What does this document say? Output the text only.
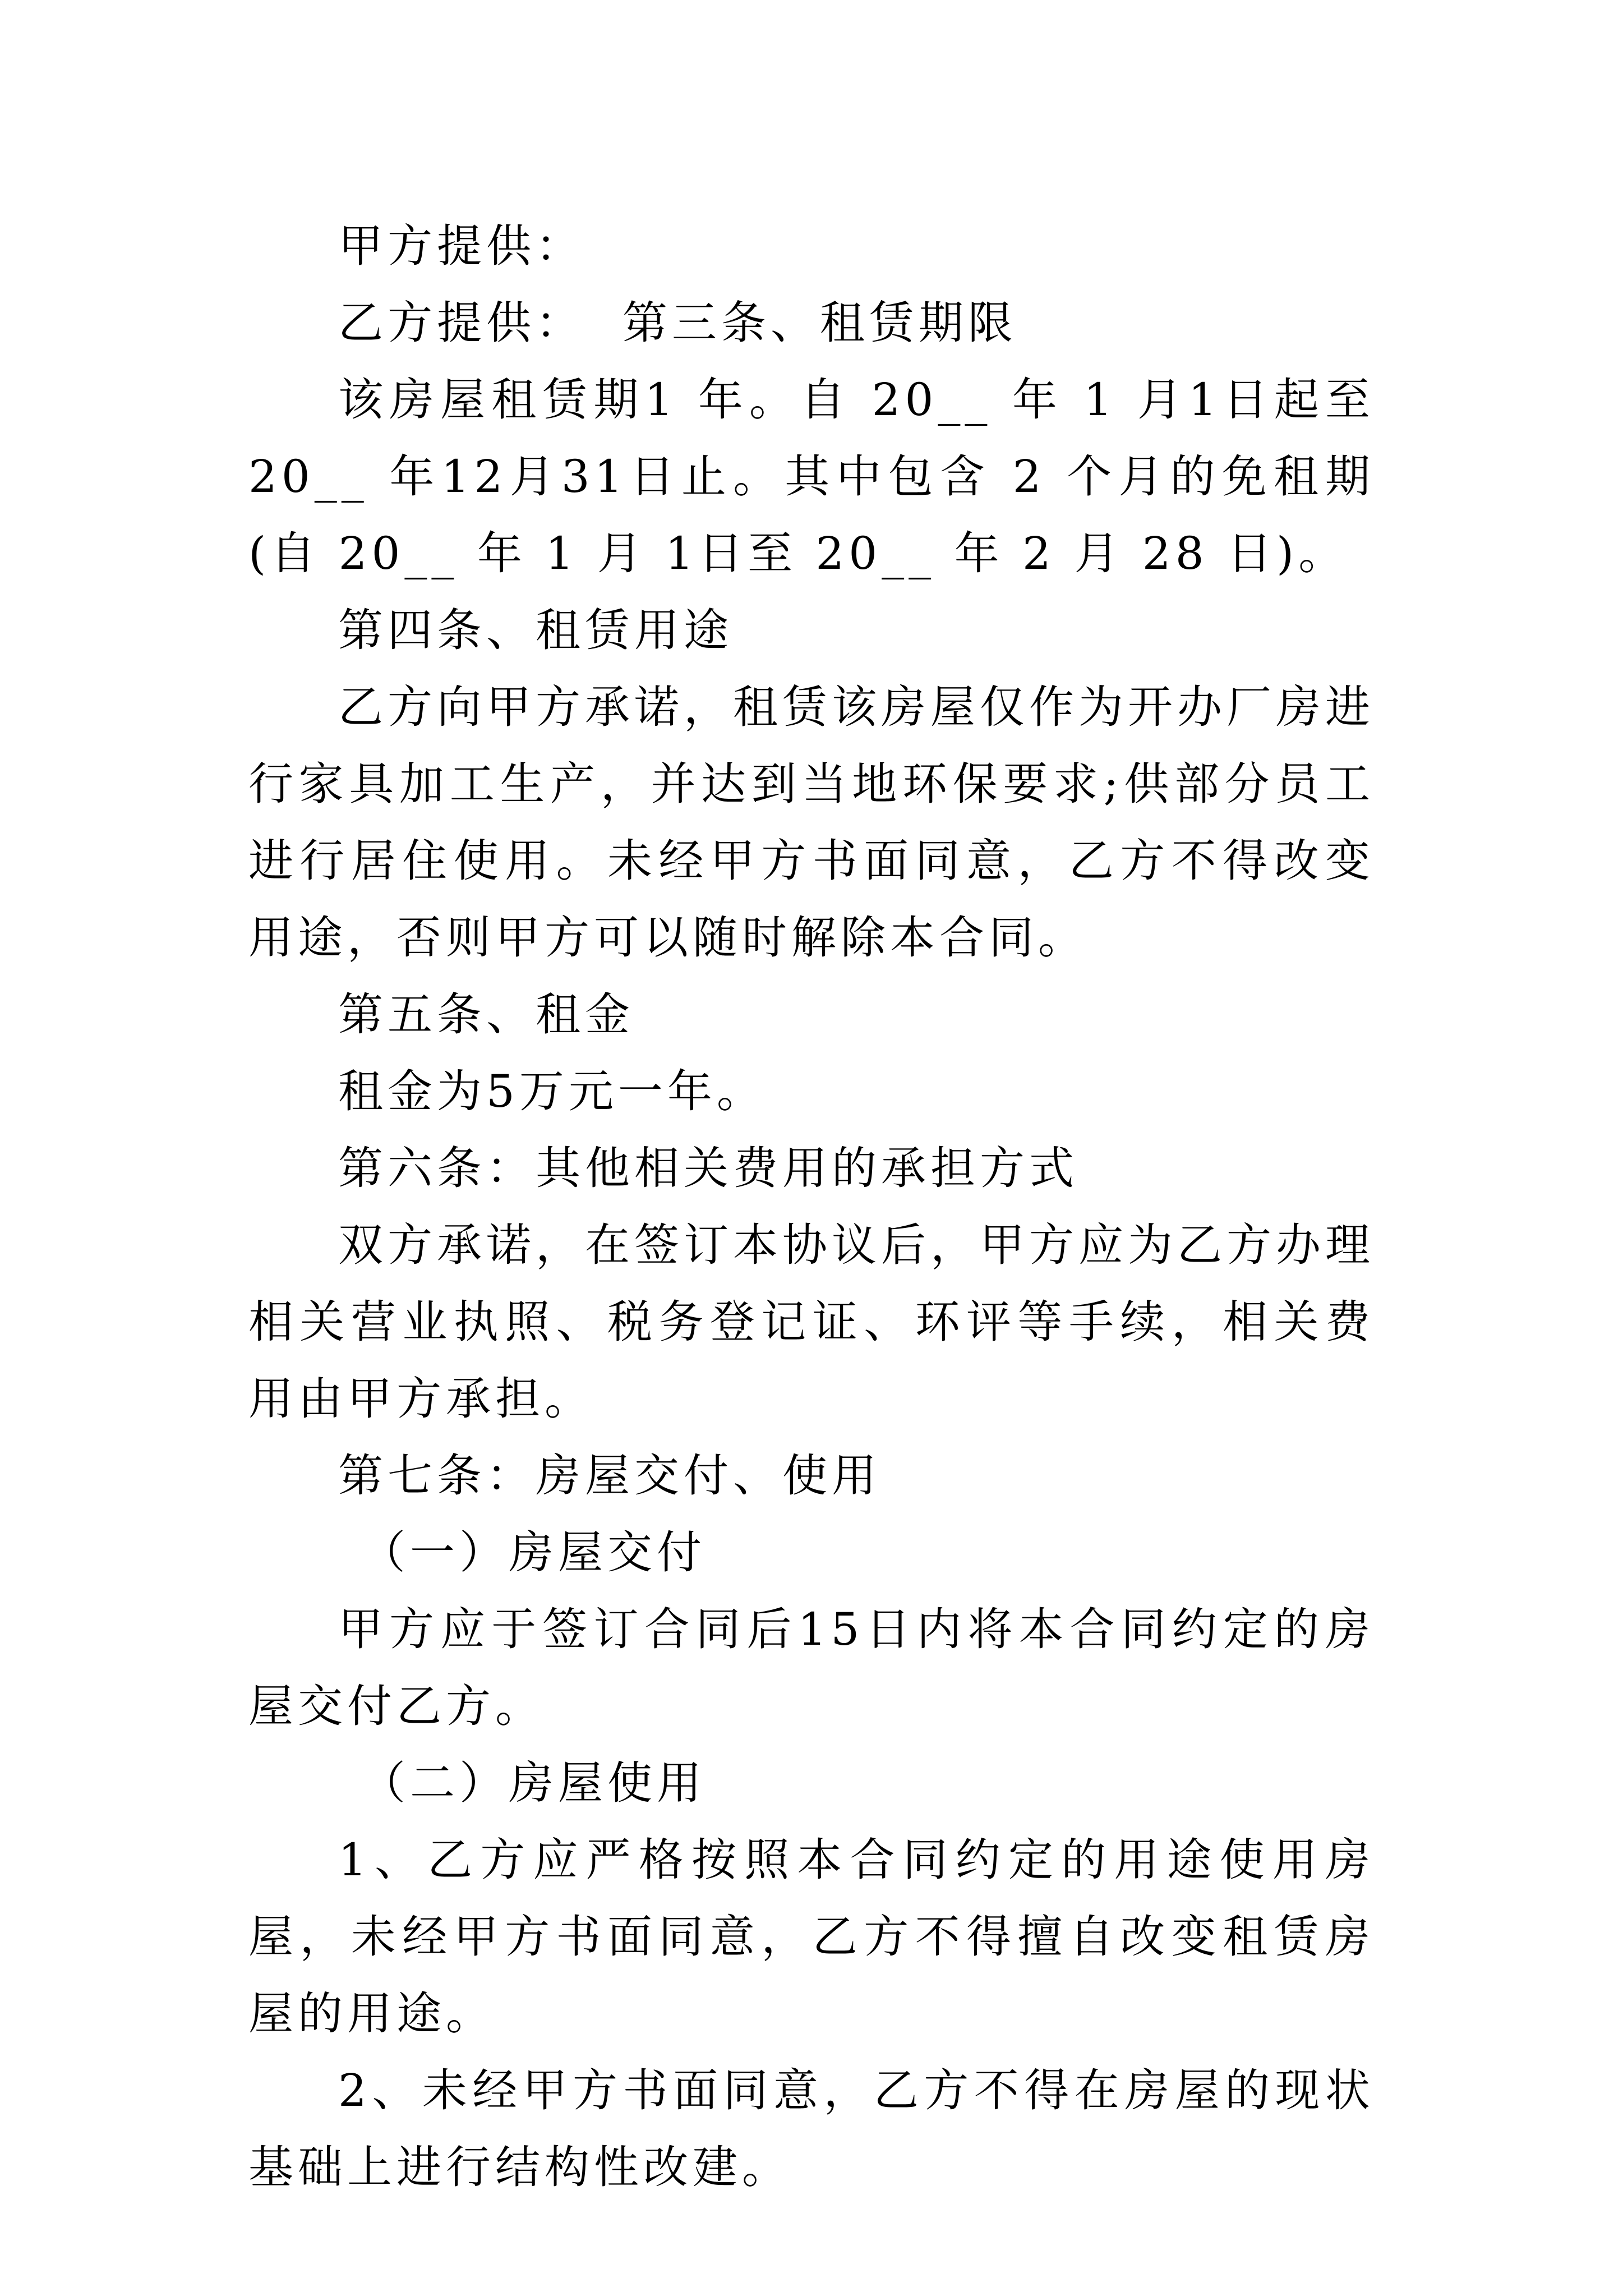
甲方提供：

乙方提供：  第三条、租赁期限

该房屋租赁期1 年。自 20__ 年 1 月1日起至 20__ 年12月31日止。其中包含 2 个月的免租期(自 20__ 年 1 月 1日至 20__ 年 2 月 28 日)。

第四条、租赁用途

乙方向甲方承诺，租赁该房屋仅作为开办厂房进行家具加工生产，并达到当地环保要求;供部分员工进行居住使用。未经甲方书面同意，乙方不得改变用途，否则甲方可以随时解除本合同。

第五条、租金

租金为5万元一年。

第六条：其他相关费用的承担方式

双方承诺，在签订本协议后，甲方应为乙方办理相关营业执照、税务登记证、环评等手续，相关费用由甲方承担。

第七条：房屋交付、使用

（一）房屋交付

甲方应于签订合同后15日内将本合同约定的房屋交付乙方。

（二）房屋使用

1、乙方应严格按照本合同约定的用途使用房屋，未经甲方书面同意，乙方不得擅自改变租赁房屋的用途。

2、未经甲方书面同意，乙方不得在房屋的现状基础上进行结构性改建。
